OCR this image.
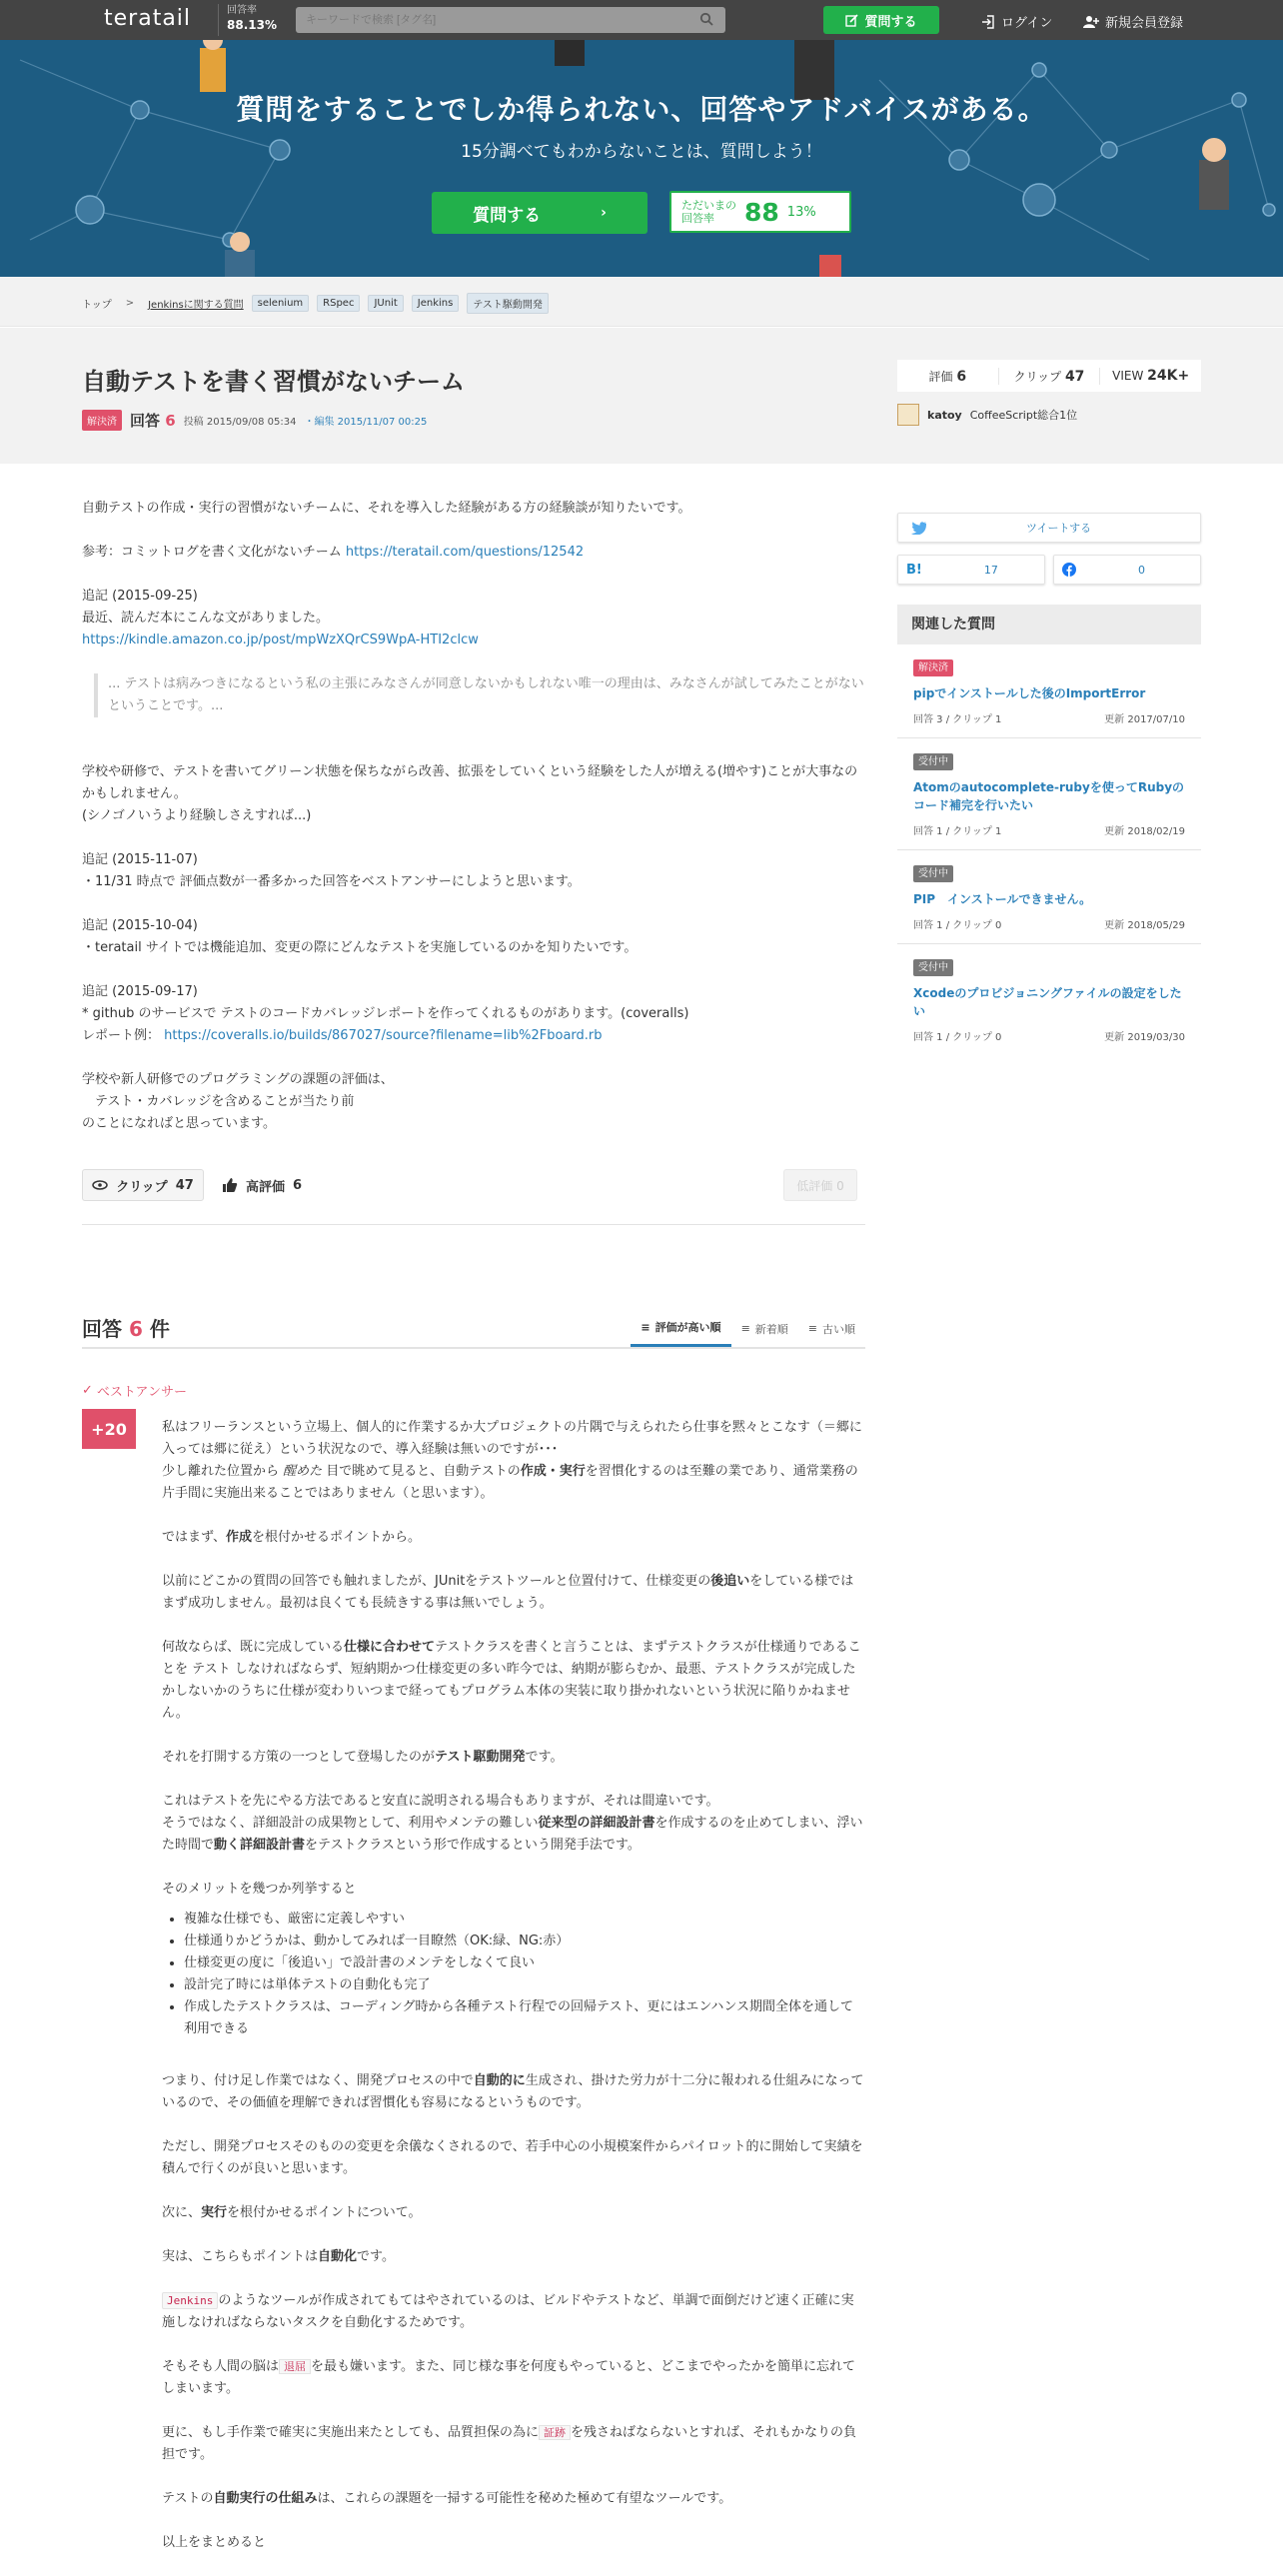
teratail	回答率
88.13%
キーワードで検索 [タグ名]	質問する	ログイン	新規会員登録
質問をすることでしか得られない、回答やアドバイスがある。
15分調べてもわからないことは、質問しよう！
質問する	›	ただいまの
回答率	88 13%
トップ > Jenkinsに関する質問	selenium	RSpec	JUnit	Jenkins	テスト駆動開発
自動テストを書く習慣がないチーム
解決済 回答 6 投稿 2015/09/08 05:34 ・編集 2015/11/07 00:25
評価 6	クリップ 47	VIEW 24K+
katoy CoffeeScript総合1位

自動テストの作成・実行の習慣がないチームに、それを導入した経験がある方の経験談が知りたいです。

参考：コミットログを書く文化がないチーム https://teratail.com/questions/12542

追記 (2015-09-25)
最近、読んだ本にこんな文がありました。
https://kindle.amazon.co.jp/post/mpWzXQrCS9WpA-HTI2clcw

... テストは病みつきになるという私の主張にみなさんが同意しないかもしれない唯一の理由は、みなさんが試してみたことがないということです。...

学校や研修で、テストを書いてグリーン状態を保ちながら改善、拡張をしていくという経験をした人が増える(増やす)ことが大事なのかもしれません。
(シノゴノいうより経験しさえすれば...)

追記 (2015-11-07)
・11/31 時点で 評価点数が一番多かった回答をベストアンサーにしようと思います。

追記 (2015-10-04)
・teratail サイトでは機能追加、変更の際にどんなテストを実施しているのかを知りたいです。

追記 (2015-09-17)
* github のサービスで テストのコードカバレッジレポートを作ってくれるものがあります。(coveralls)
レポート例： https://coveralls.io/builds/867027/source?filename=lib%2Fboard.rb

学校や新人研修でのプログラミングの課題の評価は、
　テスト・カバレッジを含めることが当たり前
のことになればと思っています。

クリップ 47	高評価 6	低評価 0
ツイートする
B!	17	0
関連した質問
解決済
pipでインストールした後のImportError
回答 3 / クリップ 1	更新 2017/07/10
受付中
Atomのautocomplete-rubyを使ってRubyのコード補完を行いたい
回答 1 / クリップ 1	更新 2018/02/19
受付中
PIP　インストールできません。
回答 1 / クリップ 0	更新 2018/05/29
受付中
Xcodeのプロビジョニングファイルの設定をしたい
回答 1 / クリップ 0	更新 2019/03/30
回答 6 件	≡ 評価が高い順 ≡ 新着順 ≡ 古い順
✓ ベストアンサー
+20	私はフリーランスという立場上、個人的に作業するか大プロジェクトの片隅で与えられたら仕事を黙々とこなす（＝郷に入っては郷に従え）という状況なので、導入経験は無いのですが･･･
少し離れた位置から 醒めた 目で眺めて見ると、自動テストの作成・実行を習慣化するのは至難の業であり、通常業務の片手間に実施出来ることではありません（と思います）。

ではまず、作成を根付かせるポイントから。

以前にどこかの質問の回答でも触れましたが、JUnitをテストツールと位置付けて、仕様変更の後追いをしている様ではまず成功しません。最初は良くても長続きする事は無いでしょう。

何故ならば、既に完成している仕様に合わせてテストクラスを書くと言うことは、まずテストクラスが仕様通りであることを テスト しなければならず、短納期かつ仕様変更の多い昨今では、納期が膨らむか、最悪、テストクラスが完成したかしないかのうちに仕様が変わりいつまで経ってもプログラム本体の実装に取り掛かれないという状況に陥りかねません。

それを打開する方策の一つとして登場したのがテスト駆動開発です。

これはテストを先にやる方法であると安直に説明される場合もありますが、それは間違いです。
そうではなく、詳細設計の成果物として、利用やメンテの難しい従来型の詳細設計書を作成するのを止めてしまい、浮いた時間で動く詳細設計書をテストクラスという形で作成するという開発手法です。

そのメリットを幾つか列挙すると

• 複雑な仕様でも、厳密に定義しやすい
• 仕様通りかどうかは、動かしてみれば一目瞭然（OK:緑、NG:赤）
• 仕様変更の度に「後追い」で設計書のメンテをしなくて良い
• 設計完了時には単体テストの自動化も完了
• 作成したテストクラスは、コーディング時から各種テスト行程での回帰テスト、更にはエンハンス期間全体を通して利用できる

つまり、付け足し作業ではなく、開発プロセスの中で自動的に生成され、掛けた労力が十二分に報われる仕組みになっているので、その価値を理解できれば習慣化も容易になるというものです。

ただし、開発プロセスそのものの変更を余儀なくされるので、若手中心の小規模案件からパイロット的に開始して実績を積んで行くのが良いと思います。

次に、実行を根付かせるポイントについて。

実は、こちらもポイントは自動化です。

Jenkins のようなツールが作成されてもてはやされているのは、ビルドやテストなど、単調で面倒だけど速く正確に実施しなければならないタスクを自動化するためです。

そもそも人間の脳は 退屈 を最も嫌います。また、同じ様な事を何度もやっていると、どこまでやったかを簡単に忘れてしまいます。

更に、もし手作業で確実に実施出来たとしても、品質担保の為に 証跡 を残さねばならないとすれば、それもかなりの負担です。

テストの自動実行の仕組みは、これらの課題を一掃する可能性を秘めた極めて有望なツールです。

以上をまとめると
